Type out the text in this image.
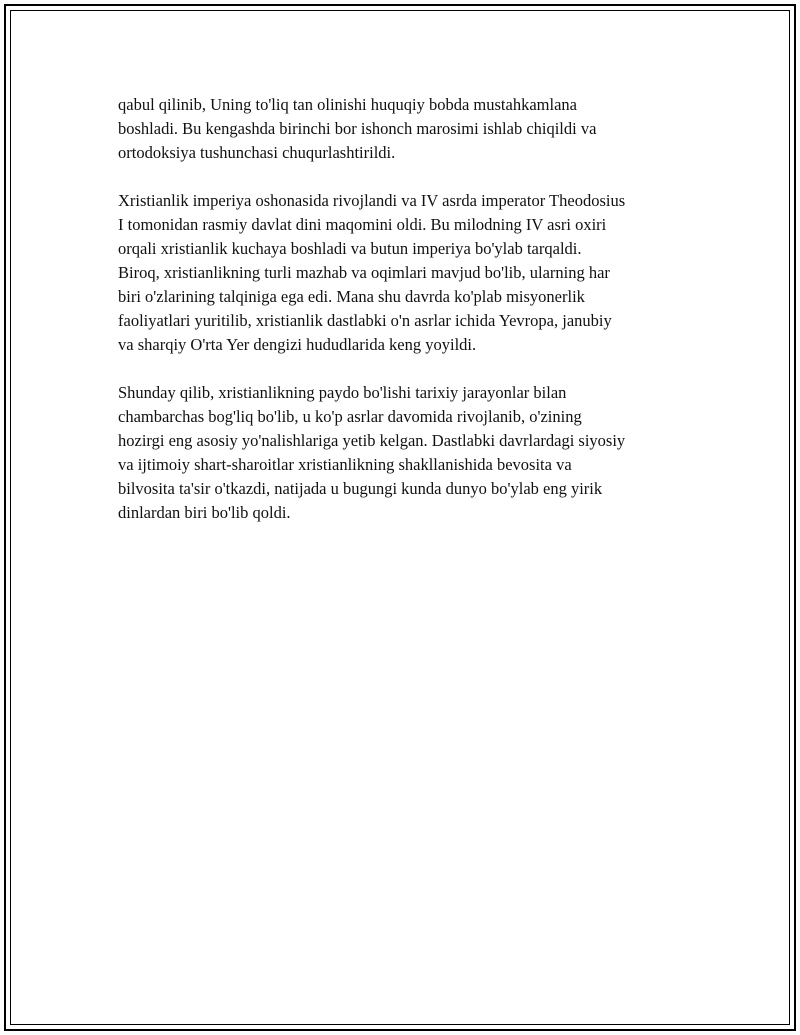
qabul qilinib, Uning to'liq tan olinishi huquqiy bobda mustahkamlana
boshladi. Bu kengashda birinchi bor ishonch marosimi ishlab chiqildi va
ortodoksiya tushunchasi chuqurlashtirildi.

Xristianlik imperiya oshonasida rivojlandi va IV asrda imperator Theodosius
I tomonidan rasmiy davlat dini maqomini oldi. Bu milodning IV asri oxiri
orqali xristianlik kuchaya boshladi va butun imperiya bo'ylab tarqaldi.
Biroq, xristianlikning turli mazhab va oqimlari mavjud bo'lib, ularning har
biri o'zlarining talqiniga ega edi. Mana shu davrda ko'plab misyonerlik
faoliyatlari yuritilib, xristianlik dastlabki o'n asrlar ichida Yevropa, janubiy
va sharqiy O'rta Yer dengizi hududlarida keng yoyildi.

Shunday qilib, xristianlikning paydo bo'lishi tarixiy jarayonlar bilan
chambarchas bog'liq bo'lib, u ko'p asrlar davomida rivojlanib, o'zining
hozirgi eng asosiy yo'nalishlariga yetib kelgan. Dastlabki davrlardagi siyosiy
va ijtimoiy shart-sharoitlar xristianlikning shakllanishida bevosita va
bilvosita ta'sir o'tkazdi, natijada u bugungi kunda dunyo bo'ylab eng yirik
dinlardan biri bo'lib qoldi.
